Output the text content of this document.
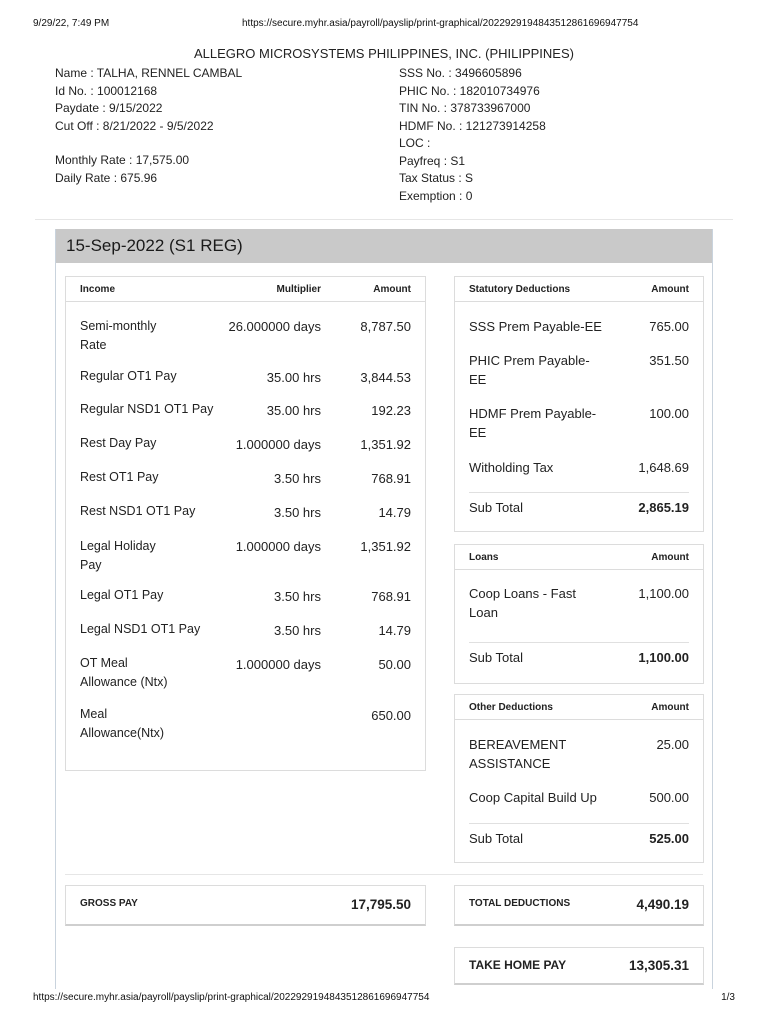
9/29/22, 7:49 PM	https://secure.myhr.asia/payroll/payslip/print-graphical/2022929194843512861696947754
ALLEGRO MICROSYSTEMS PHILIPPINES, INC. (PHILIPPINES)
Name : TALHA, RENNEL CAMBAL
Id No. : 100012168
Paydate : 9/15/2022
Cut Off : 8/21/2022 - 9/5/2022
Monthly Rate : 17,575.00
Daily Rate : 675.96
SSS No. : 3496605896
PHIC No. : 182010734976
TIN No. : 378733967000
HDMF No. : 121273914258
LOC :
Payfreq : S1
Tax Status : S
Exemption : 0
15-Sep-2022 (S1 REG)
Income	Multiplier	Amount
Semi-monthly
Rate
26.000000 days	8,787.50
Regular OT1 Pay	35.00 hrs	3,844.53
Regular NSD1 OT1 Pay	35.00 hrs	192.23
Rest Day Pay	1.000000 days	1,351.92
Rest OT1 Pay	3.50 hrs	768.91
Rest NSD1 OT1 Pay	3.50 hrs	14.79
Legal Holiday
Pay
1.000000 days	1,351.92
Legal OT1 Pay	3.50 hrs	768.91
Legal NSD1 OT1 Pay	3.50 hrs	14.79
OT Meal
Allowance (Ntx)
1.000000 days	50.00
Meal
Allowance(Ntx)
650.00
Statutory Deductions	Amount
SSS Prem Payable-EE	765.00
PHIC Prem Payable-
EE
351.50
HDMF Prem Payable-
EE
100.00
Witholding Tax	1,648.69
Sub Total	2,865.19
Loans	Amount
Coop Loans - Fast
Loan
1,100.00
Sub Total	1,100.00
Other Deductions	Amount
BEREAVEMENT
ASSISTANCE
25.00
Coop Capital Build Up	500.00
Sub Total	525.00
GROSS PAY	17,795.50	TOTAL DEDUCTIONS	4,490.19
TAKE HOME PAY	13,305.31
https://secure.myhr.asia/payroll/payslip/print-graphical/2022929194843512861696947754	1/3
